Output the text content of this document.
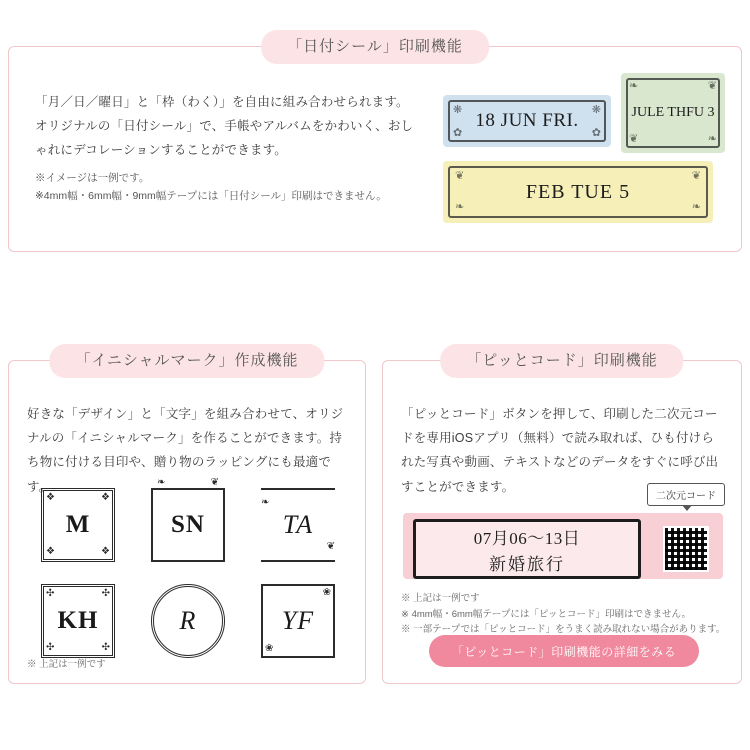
「日付シール」印刷機能

「月／日／曜日」と「枠（わく）」を自由に組み合わせられます。オリジナルの「日付シール」で、手帳やアルバムをかわいく、おしゃれにデコレーションすることができます。

※イメージは一例です。
※4mm幅・6mm幅・9mm幅テープには「日付シール」印刷はできません。
18 JUN FRI.
❋	❋
✿	✿
JULE THFU 3
❧	❦
❦	❧
FEB TUE 5
❦	❦
❧	❧
「イニシャルマーク」作成機能

好きな「デザイン」と「文字」を組み合わせて、オリジナルの「イニシャルマーク」を作ることができます。持ち物に付ける目印や、贈り物のラッピングにも最適です。

❖	❖
❖	❖
M
❧	❦
SN
❧
❦
TA
✣	✣
✣	✣
KH	R
❀
❀
YF
※ 上記は一例です
「ピッとコード」印刷機能

「ピッとコード」ボタンを押して、印刷した二次元コードを専用iOSアプリ（無料）で読み取れば、ひも付けられた写真や動画、テキストなどのデータをすぐに呼び出すことができます。

二次元コード
07月06〜13日
新婚旅行
※ 上記は一例です
※ 4mm幅・6mm幅テープには「ピッとコード」印刷はできません。
※ 一部テープでは「ピッとコード」をうまく読み取れない場合があります。
「ピッとコード」印刷機能の詳細をみる
